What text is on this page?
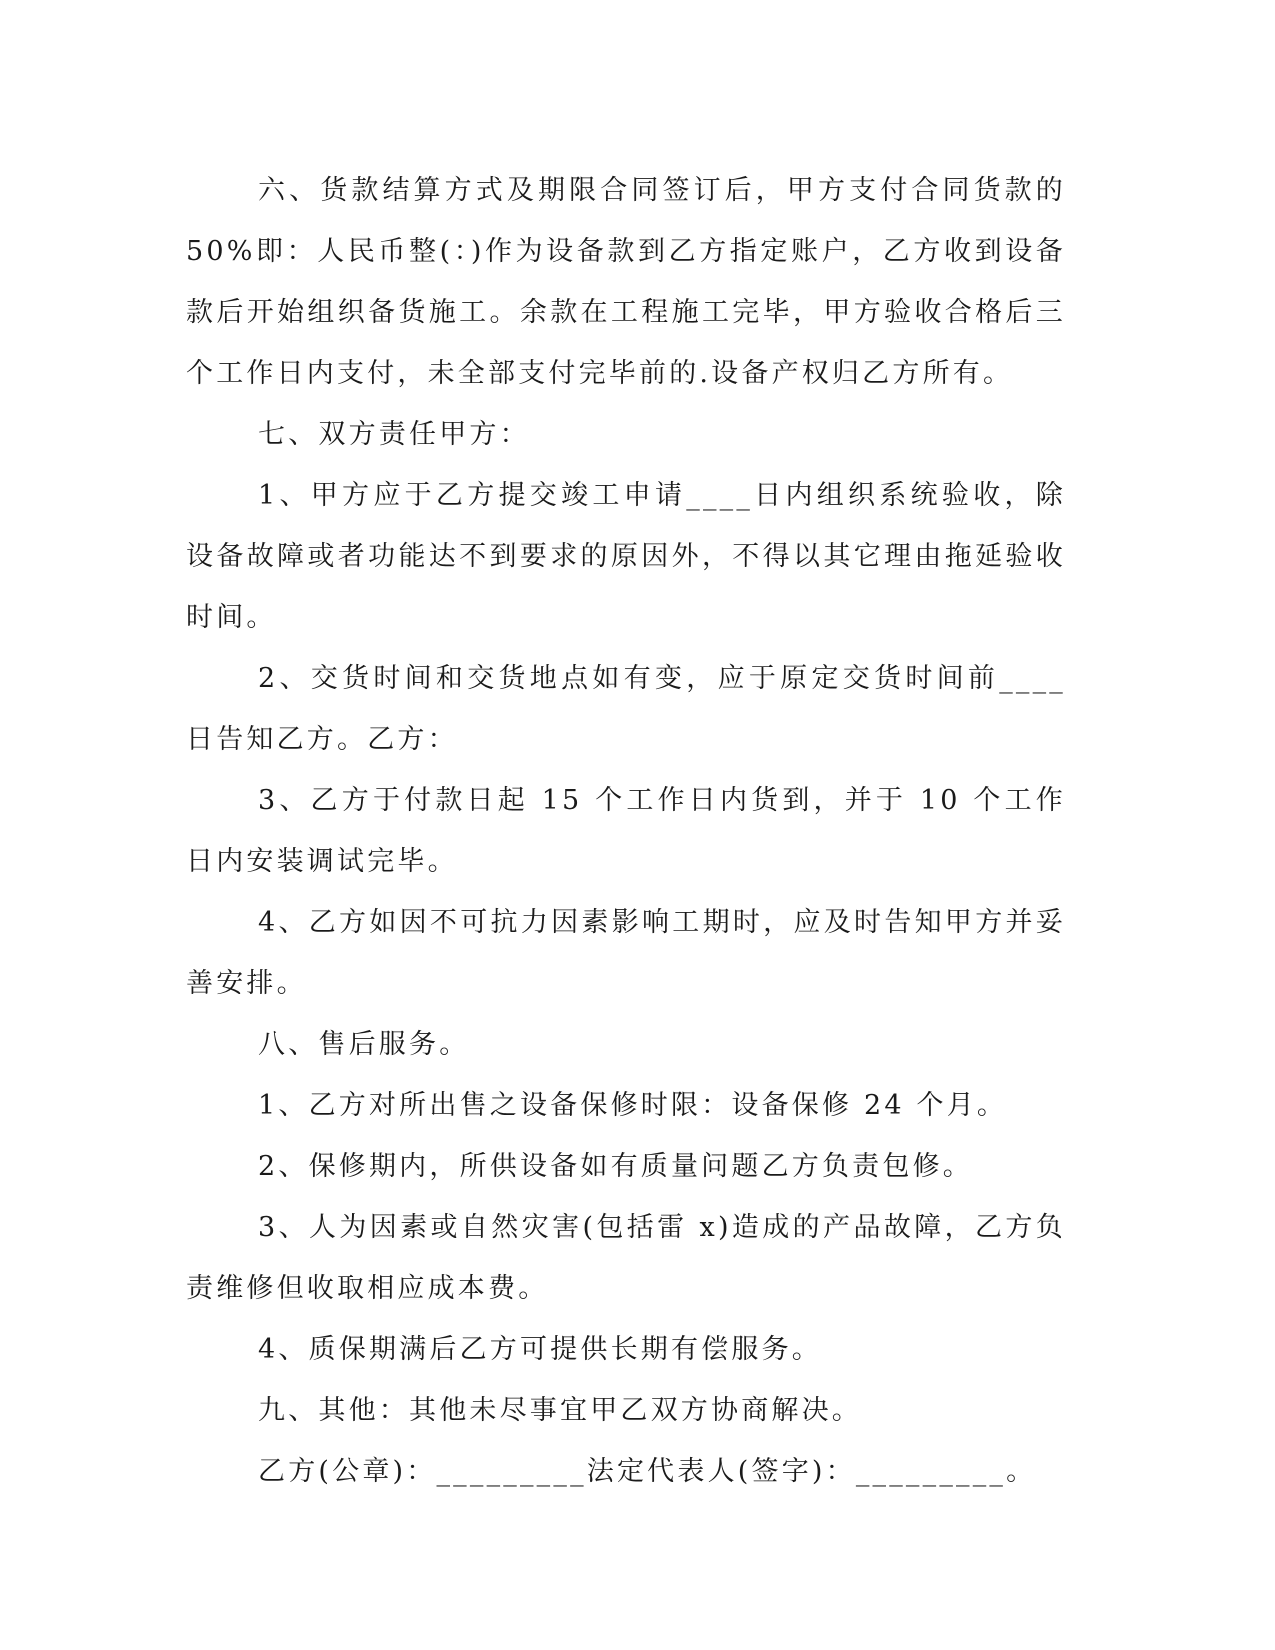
六、货款结算方式及期限合同签订后，甲方支付合同货款的 50%即：人民币整(：)作为设备款到乙方指定账户，乙方收到设备款后开始组织备货施工。余款在工程施工完毕，甲方验收合格后三个工作日内支付，未全部支付完毕前的.设备产权归乙方所有。

七、双方责任甲方：

1、甲方应于乙方提交竣工申请____日内组织系统验收，除设备故障或者功能达不到要求的原因外，不得以其它理由拖延验收时间。

2、交货时间和交货地点如有变，应于原定交货时间前____日告知乙方。乙方：

3、乙方于付款日起 15 个工作日内货到，并于 10 个工作日内安装调试完毕。

4、乙方如因不可抗力因素影响工期时，应及时告知甲方并妥善安排。

八、售后服务。

1、乙方对所出售之设备保修时限：设备保修 24 个月。

2、保修期内，所供设备如有质量问题乙方负责包修。

3、人为因素或自然灾害(包括雷 x)造成的产品故障，乙方负责维修但收取相应成本费。

4、质保期满后乙方可提供长期有偿服务。

九、其他：其他未尽事宜甲乙双方协商解决。

乙方(公章)：_________法定代表人(签字)：_________。
